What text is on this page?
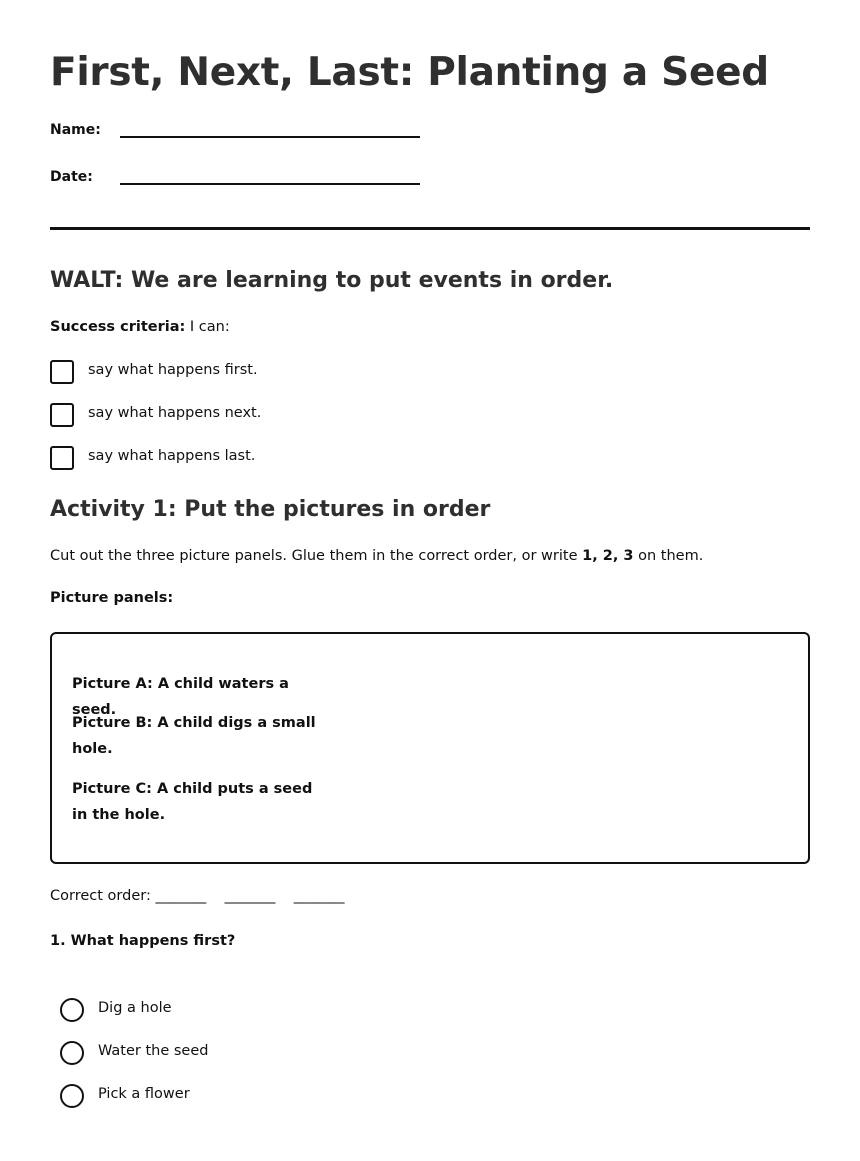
First, Next, Last: Planting a Seed
Name:
Date:
WALT: We are learning to put events in order.
Success criteria: I can:
say what happens first.
say what happens next.
say what happens last.
Activity 1: Put the pictures in order
Cut out the three picture panels. Glue them in the correct order, or write 1, 2, 3 on them.
Picture panels:
Picture A: A child waters a seed.
Picture B: A child digs a small hole.
Picture C: A child puts a seed in the hole.
Correct order: _______    _______    _______
1. What happens first?
Dig a hole
Water the seed
Pick a flower
